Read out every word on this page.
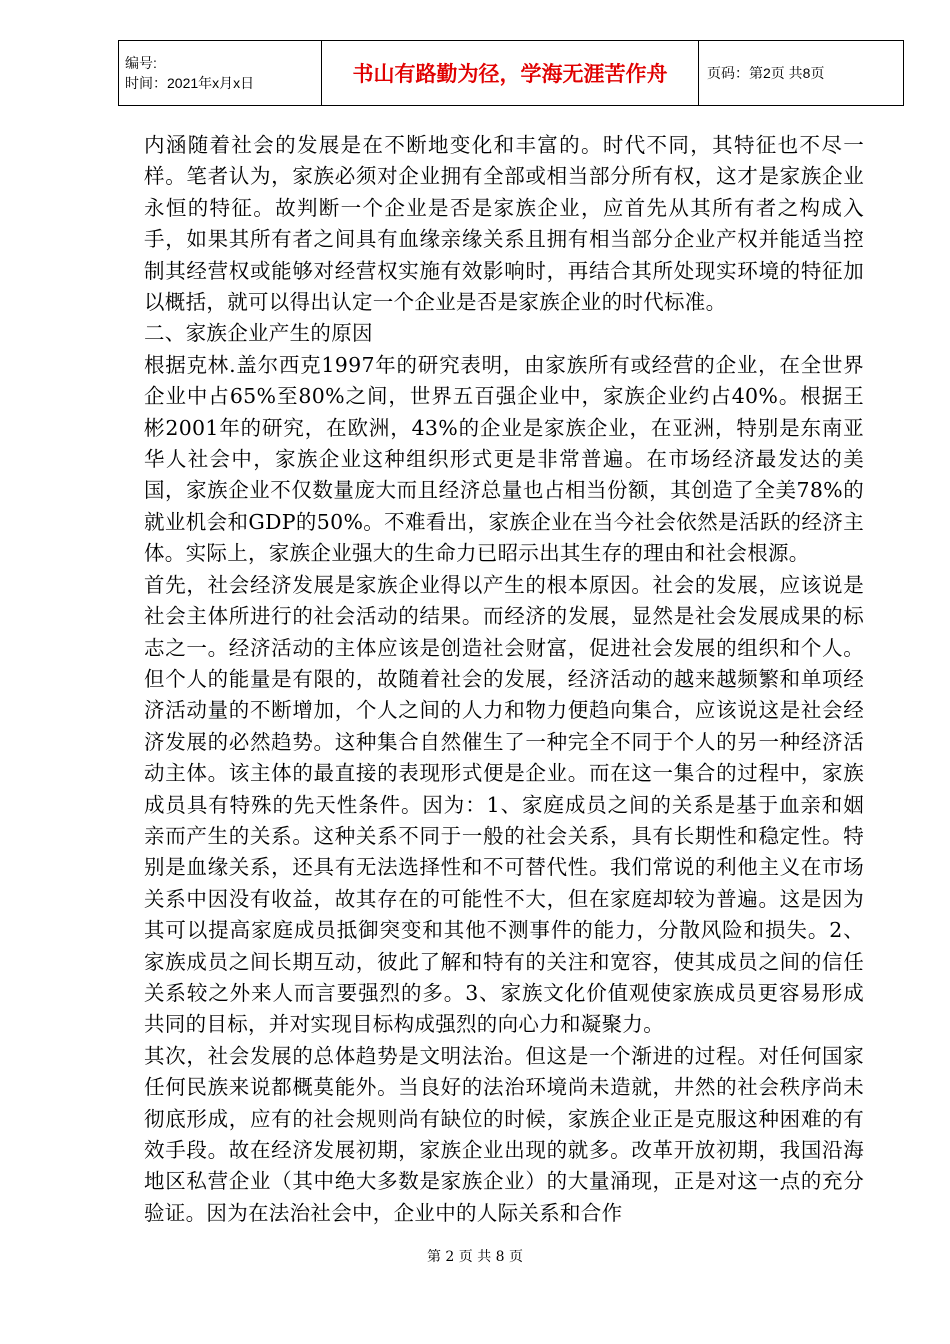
编号:
时间：2021年x月x日	书山有路勤为径，学海无涯苦作舟	页码：第2页 共8页

内涵随着社会的发展是在不断地变化和丰富的。时代不同，其特征也不尽一样。笔者认为，家族必须对企业拥有全部或相当部分所有权，这才是家族企业永恒的特征。故判断一个企业是否是家族企业，应首先从其所有者之构成入手，如果其所有者之间具有血缘亲缘关系且拥有相当部分企业产权并能适当控制其经营权或能够对经营权实施有效影响时，再结合其所处现实环境的特征加以概括，就可以得出认定一个企业是否是家族企业的时代标准。

二、家族企业产生的原因

根据克林.盖尔西克1997年的研究表明，由家族所有或经营的企业，在全世界企业中占65%至80%之间，世界五百强企业中，家族企业约占40%。根据王彬2001年的研究，在欧洲，43%的企业是家族企业，在亚洲，特别是东南亚华人社会中，家族企业这种组织形式更是非常普遍。在市场经济最发达的美国，家族企业不仅数量庞大而且经济总量也占相当份额，其创造了全美78%的就业机会和GDP的50%。不难看出，家族企业在当今社会依然是活跃的经济主体。实际上，家族企业强大的生命力已昭示出其生存的理由和社会根源。

首先，社会经济发展是家族企业得以产生的根本原因。社会的发展，应该说是社会主体所进行的社会活动的结果。而经济的发展，显然是社会发展成果的标志之一。经济活动的主体应该是创造社会财富，促进社会发展的组织和个人。但个人的能量是有限的，故随着社会的发展，经济活动的越来越频繁和单项经济活动量的不断增加，个人之间的人力和物力便趋向集合，应该说这是社会经济发展的必然趋势。这种集合自然催生了一种完全不同于个人的另一种经济活动主体。该主体的最直接的表现形式便是企业。而在这一集合的过程中，家族成员具有特殊的先天性条件。因为：1、家庭成员之间的关系是基于血亲和姻亲而产生的关系。这种关系不同于一般的社会关系，具有长期性和稳定性。特别是血缘关系，还具有无法选择性和不可替代性。我们常说的利他主义在市场关系中因没有收益，故其存在的可能性不大，但在家庭却较为普遍。这是因为其可以提高家庭成员抵御突变和其他不测事件的能力，分散风险和损失。2、家族成员之间长期互动，彼此了解和特有的关注和宽容，使其成员之间的信任关系较之外来人而言要强烈的多。3、家族文化价值观使家族成员更容易形成共同的目标，并对实现目标构成强烈的向心力和凝聚力。

其次，社会发展的总体趋势是文明法治。但这是一个渐进的过程。对任何国家任何民族来说都概莫能外。当良好的法治环境尚未造就，井然的社会秩序尚未彻底形成，应有的社会规则尚有缺位的时候，家族企业正是克服这种困难的有效手段。故在经济发展初期，家族企业出现的就多。改革开放初期，我国沿海地区私营企业（其中绝大多数是家族企业）的大量涌现，正是对这一点的充分验证。因为在法治社会中，企业中的人际关系和合作

第 2 页 共 8 页
